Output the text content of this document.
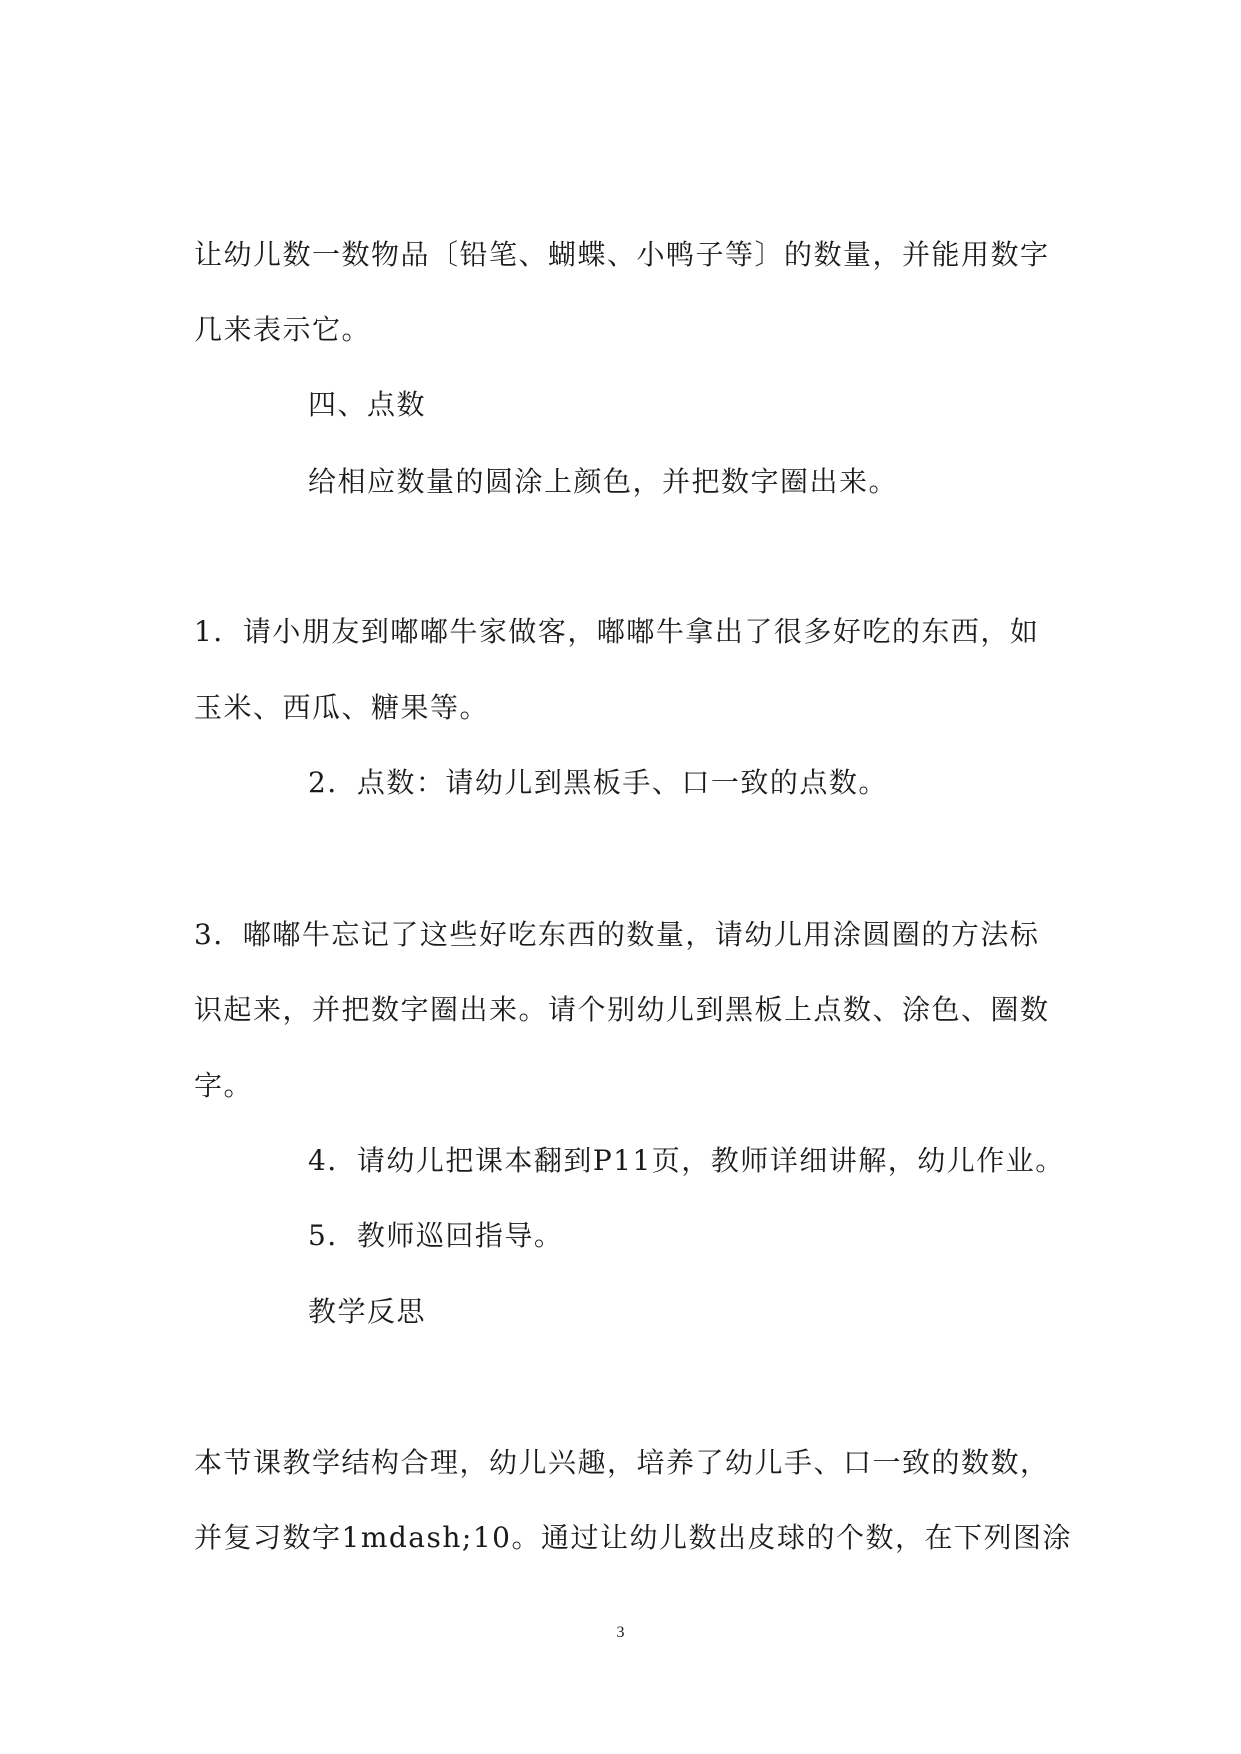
让幼儿数一数物品〔铅笔、蝴蝶、小鸭子等〕的数量，并能用数字

几来表示它。

四、点数

给相应数量的圆涂上颜色，并把数字圈出来。

1．请小朋友到嘟嘟牛家做客，嘟嘟牛拿出了很多好吃的东西，如

玉米、西瓜、糖果等。

2．点数：请幼儿到黑板手、口一致的点数。

3．嘟嘟牛忘记了这些好吃东西的数量，请幼儿用涂圆圈的方法标

识起来，并把数字圈出来。请个别幼儿到黑板上点数、涂色、圈数

字。

4．请幼儿把课本翻到P11页，教师详细讲解，幼儿作业。

5．教师巡回指导。

教学反思

本节课教学结构合理，幼儿兴趣，培养了幼儿手、口一致的数数，

并复习数字1mdash;10。通过让幼儿数出皮球的个数，在下列图涂

3
